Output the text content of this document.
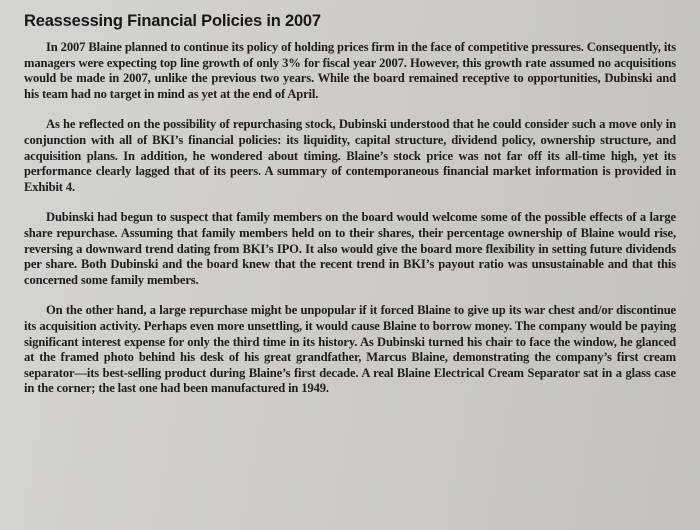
Reassessing Financial Policies in 2007

In 2007 Blaine planned to continue its policy of holding prices firm in the face of competitive pressures. Consequently, its managers were expecting top line growth of only 3% for fiscal year 2007. However, this growth rate assumed no acquisitions would be made in 2007, unlike the previous two years. While the board remained receptive to opportunities, Dubinski and his team had no target in mind as yet at the end of April.

As he reflected on the possibility of repurchasing stock, Dubinski understood that he could consider such a move only in conjunction with all of BKI’s financial policies: its liquidity, capital structure, dividend policy, ownership structure, and acquisition plans. In addition, he wondered about timing. Blaine’s stock price was not far off its all-time high, yet its performance clearly lagged that of its peers. A summary of contemporaneous financial market information is provided in Exhibit 4.

Dubinski had begun to suspect that family members on the board would welcome some of the possible effects of a large share repurchase. Assuming that family members held on to their shares, their percentage ownership of Blaine would rise, reversing a downward trend dating from BKI’s IPO. It also would give the board more flexibility in setting future dividends per share. Both Dubinski and the board knew that the recent trend in BKI’s payout ratio was unsustainable and that this concerned some family members.

On the other hand, a large repurchase might be unpopular if it forced Blaine to give up its war chest and/or discontinue its acquisition activity. Perhaps even more unsettling, it would cause Blaine to borrow money. The company would be paying significant interest expense for only the third time in its history. As Dubinski turned his chair to face the window, he glanced at the framed photo behind his desk of his great grandfather, Marcus Blaine, demonstrating the company’s first cream separator—its best-selling product during Blaine’s first decade. A real Blaine Electrical Cream Separator sat in a glass case in the corner; the last one had been manufactured in 1949.
